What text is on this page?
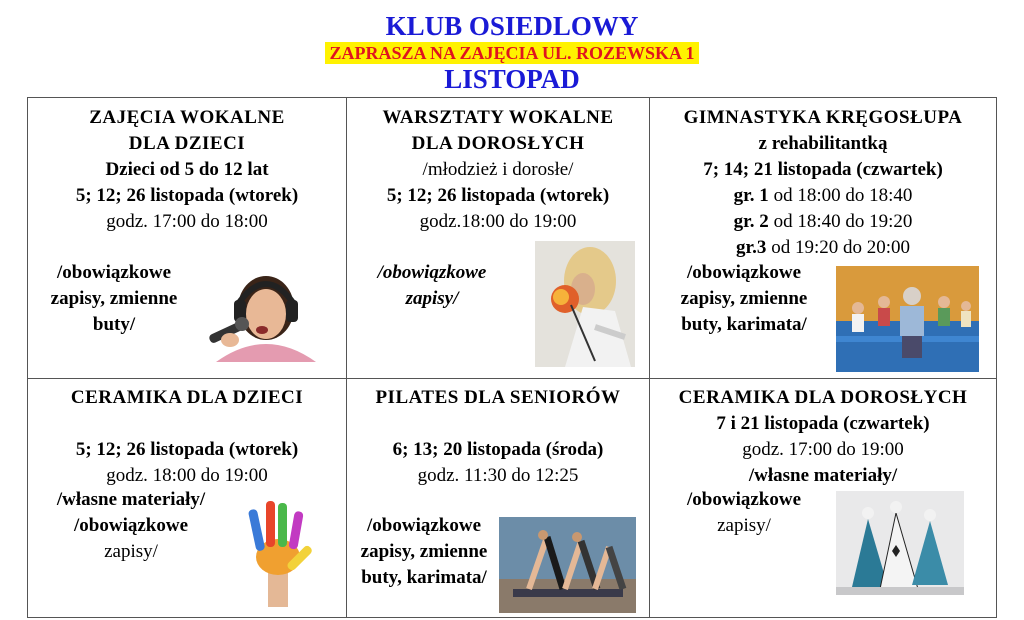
KLUB OSIEDLOWY
ZAPRASZA NA ZAJĘCIA UL. ROZEWSKA 1
LISTOPAD
ZAJĘCIA WOKALNE
DLA DZIECI
Dzieci od 5 do 12 lat
5; 12; 26 listopada (wtorek)
godz. 17:00 do 18:00
/obowiązkowe
zapisy, zmienne
buty/
WARSZTATY WOKALNE
DLA DOROSŁYCH
/młodzież i dorosłe/
5; 12; 26 listopada (wtorek)
godz.18:00 do 19:00
/obowiązkowe
zapisy/
GIMNASTYKA KRĘGOSŁUPA
z rehabilitantką
7; 14; 21 listopada (czwartek)
gr. 1 od 18:00 do 18:40
gr. 2 od 18:40 do 19:20
gr.3 od 19:20 do 20:00
/obowiązkowe
zapisy, zmienne
buty, karimata/
CERAMIKA DLA DZIECI
5; 12; 26 listopada (wtorek)
godz. 18:00 do 19:00
/własne materiały/
/obowiązkowe
zapisy/
PILATES DLA SENIORÓW
6; 13; 20 listopada (środa)
godz. 11:30 do 12:25
/obowiązkowe
zapisy, zmienne
buty, karimata/
CERAMIKA DLA DOROSŁYCH
7 i 21 listopada (czwartek)
godz. 17:00 do 19:00
/własne materiały/
/obowiązkowe
zapisy/
